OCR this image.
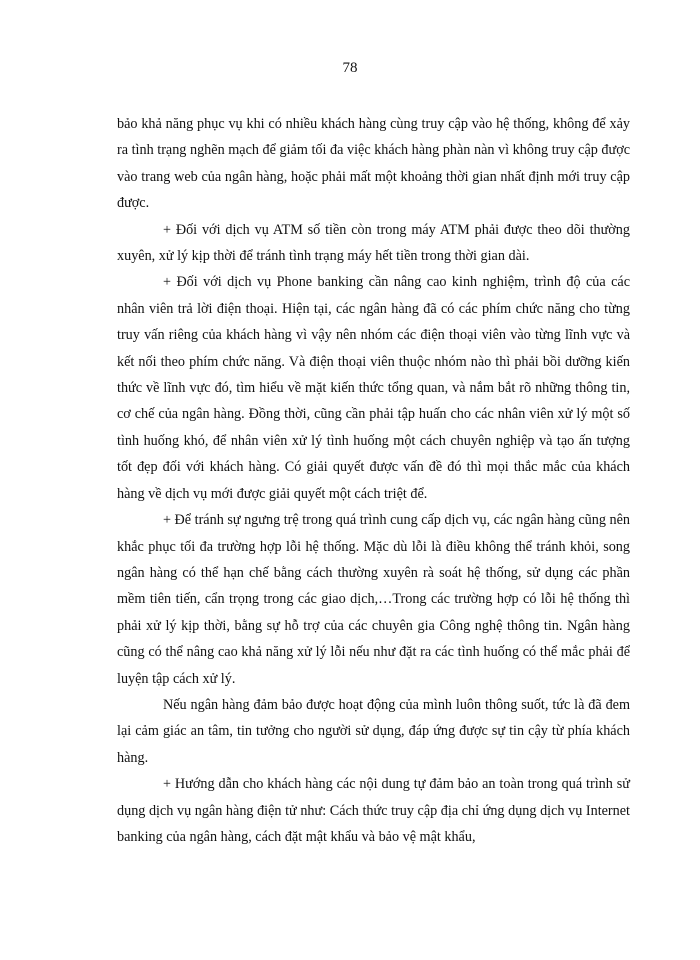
78

bảo khả năng phục vụ khi có nhiều khách hàng cùng truy cập vào hệ thống, không để xảy ra tình trạng nghẽn mạch để giảm tối đa việc khách hàng phàn nàn vì không truy cập được vào trang web của ngân hàng, hoặc phải mất một khoảng thời gian nhất định mới truy cập được.

+ Đối với dịch vụ ATM số tiền còn trong máy ATM phải được theo dõi thường xuyên, xử lý kịp thời để tránh tình trạng máy hết tiền trong thời gian dài.

+ Đối với dịch vụ Phone banking cần nâng cao kinh nghiệm, trình độ của các nhân viên trả lời điện thoại. Hiện tại, các ngân hàng đã có các phím chức năng cho từng truy vấn riêng của khách hàng vì vậy nên nhóm các điện thoại viên vào từng lĩnh vực và kết nối theo phím chức năng. Và điện thoại viên thuộc nhóm nào thì phải bồi dưỡng kiến thức về lĩnh vực đó, tìm hiểu về mặt kiến thức tổng quan, và nắm bắt rõ những thông tin, cơ chế của ngân hàng. Đồng thời, cũng cần phải tập huấn cho các nhân viên xử lý một số tình huống khó, để nhân viên xử lý tình huống một cách chuyên nghiệp và tạo ấn tượng tốt đẹp đối với khách hàng. Có giải quyết được vấn đề đó thì mọi thắc mắc của khách hàng về dịch vụ mới được giải quyết một cách triệt để.

+ Để tránh sự ngưng trệ trong quá trình cung cấp dịch vụ, các ngân hàng cũng nên khắc phục tối đa trường hợp lỗi hệ thống. Mặc dù lỗi là điều không thể tránh khỏi, song ngân hàng có thể hạn chế bằng cách thường xuyên rà soát hệ thống, sử dụng các phần mềm tiên tiến, cẩn trọng trong các giao dịch,…Trong các trường hợp có lỗi hệ thống thì phải xử lý kịp thời, bằng sự hỗ trợ của các chuyên gia Công nghệ thông tin. Ngân hàng cũng có thể nâng cao khả năng xử lý lỗi nếu như đặt ra các tình huống có thể mắc phải để luyện tập cách xử lý.

Nếu ngân hàng đảm bảo được hoạt động của mình luôn thông suốt, tức là đã đem lại cảm giác an tâm, tin tưởng cho người sử dụng, đáp ứng được sự tin cậy từ phía khách hàng.

+ Hướng dẫn cho khách hàng các nội dung tự đảm bảo an toàn trong quá trình sử dụng dịch vụ ngân hàng điện tử như: Cách thức truy cập địa chỉ ứng dụng dịch vụ Internet banking của ngân hàng, cách đặt mật khẩu và bảo vệ mật khẩu,
